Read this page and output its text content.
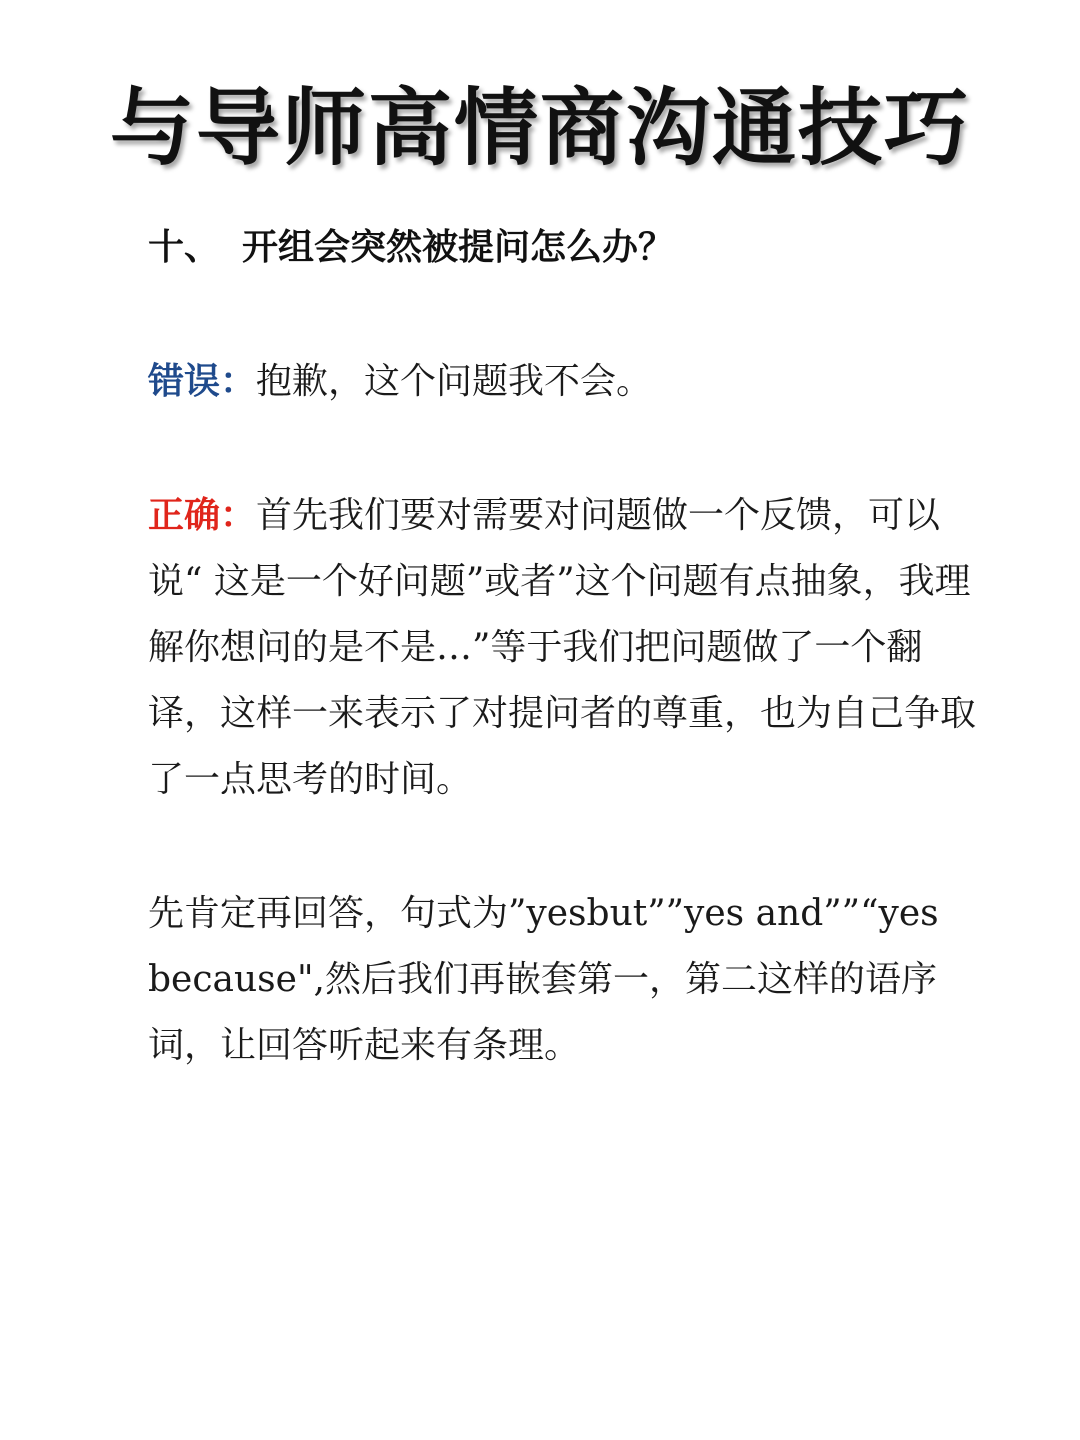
与导师高情商沟通技巧

十、 开组会突然被提问怎么办？

错误：抱歉，这个问题我不会。

正确：首先我们要对需要对问题做一个反馈，可以说“ 这是一个好问题”或者”这个问题有点抽象，我理解你想问的是不是…”等于我们把问题做了一个翻译，这样一来表示了对提问者的尊重，也为自己争取了一点思考的时间。

先肯定再回答，句式为”yesbut””yes and””“yes because",然后我们再嵌套第一，第二这样的语序词，让回答听起来有条理。
